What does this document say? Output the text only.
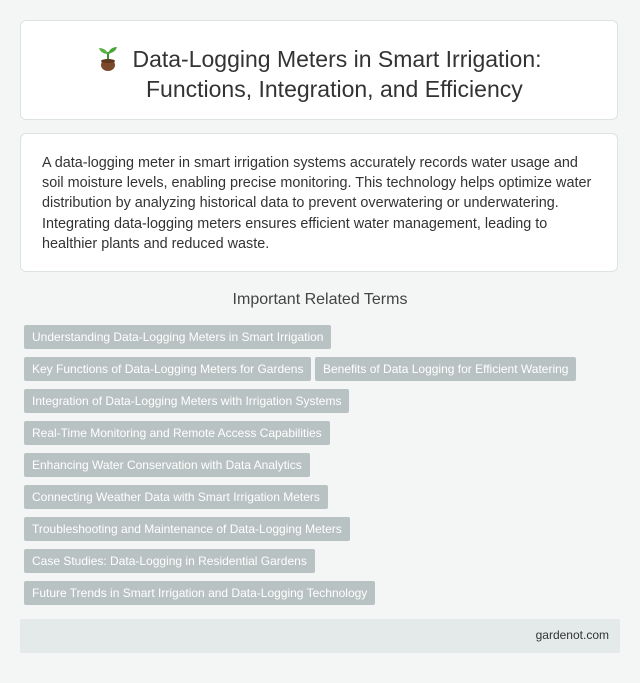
Data-Logging Meters in Smart Irrigation:
Functions, Integration, and Efficiency

A data-logging meter in smart irrigation systems accurately records water usage and soil moisture levels, enabling precise monitoring. This technology helps optimize water distribution by analyzing historical data to prevent overwatering or underwatering. Integrating data-logging meters ensures efficient water management, leading to healthier plants and reduced waste.

Important Related Terms
Understanding Data-Logging Meters in Smart Irrigation
Key Functions of Data-Logging Meters for Gardens	Benefits of Data Logging for Efficient Watering
Integration of Data-Logging Meters with Irrigation Systems
Real-Time Monitoring and Remote Access Capabilities
Enhancing Water Conservation with Data Analytics
Connecting Weather Data with Smart Irrigation Meters
Troubleshooting and Maintenance of Data-Logging Meters
Case Studies: Data-Logging in Residential Gardens
Future Trends in Smart Irrigation and Data-Logging Technology
gardenot.com
